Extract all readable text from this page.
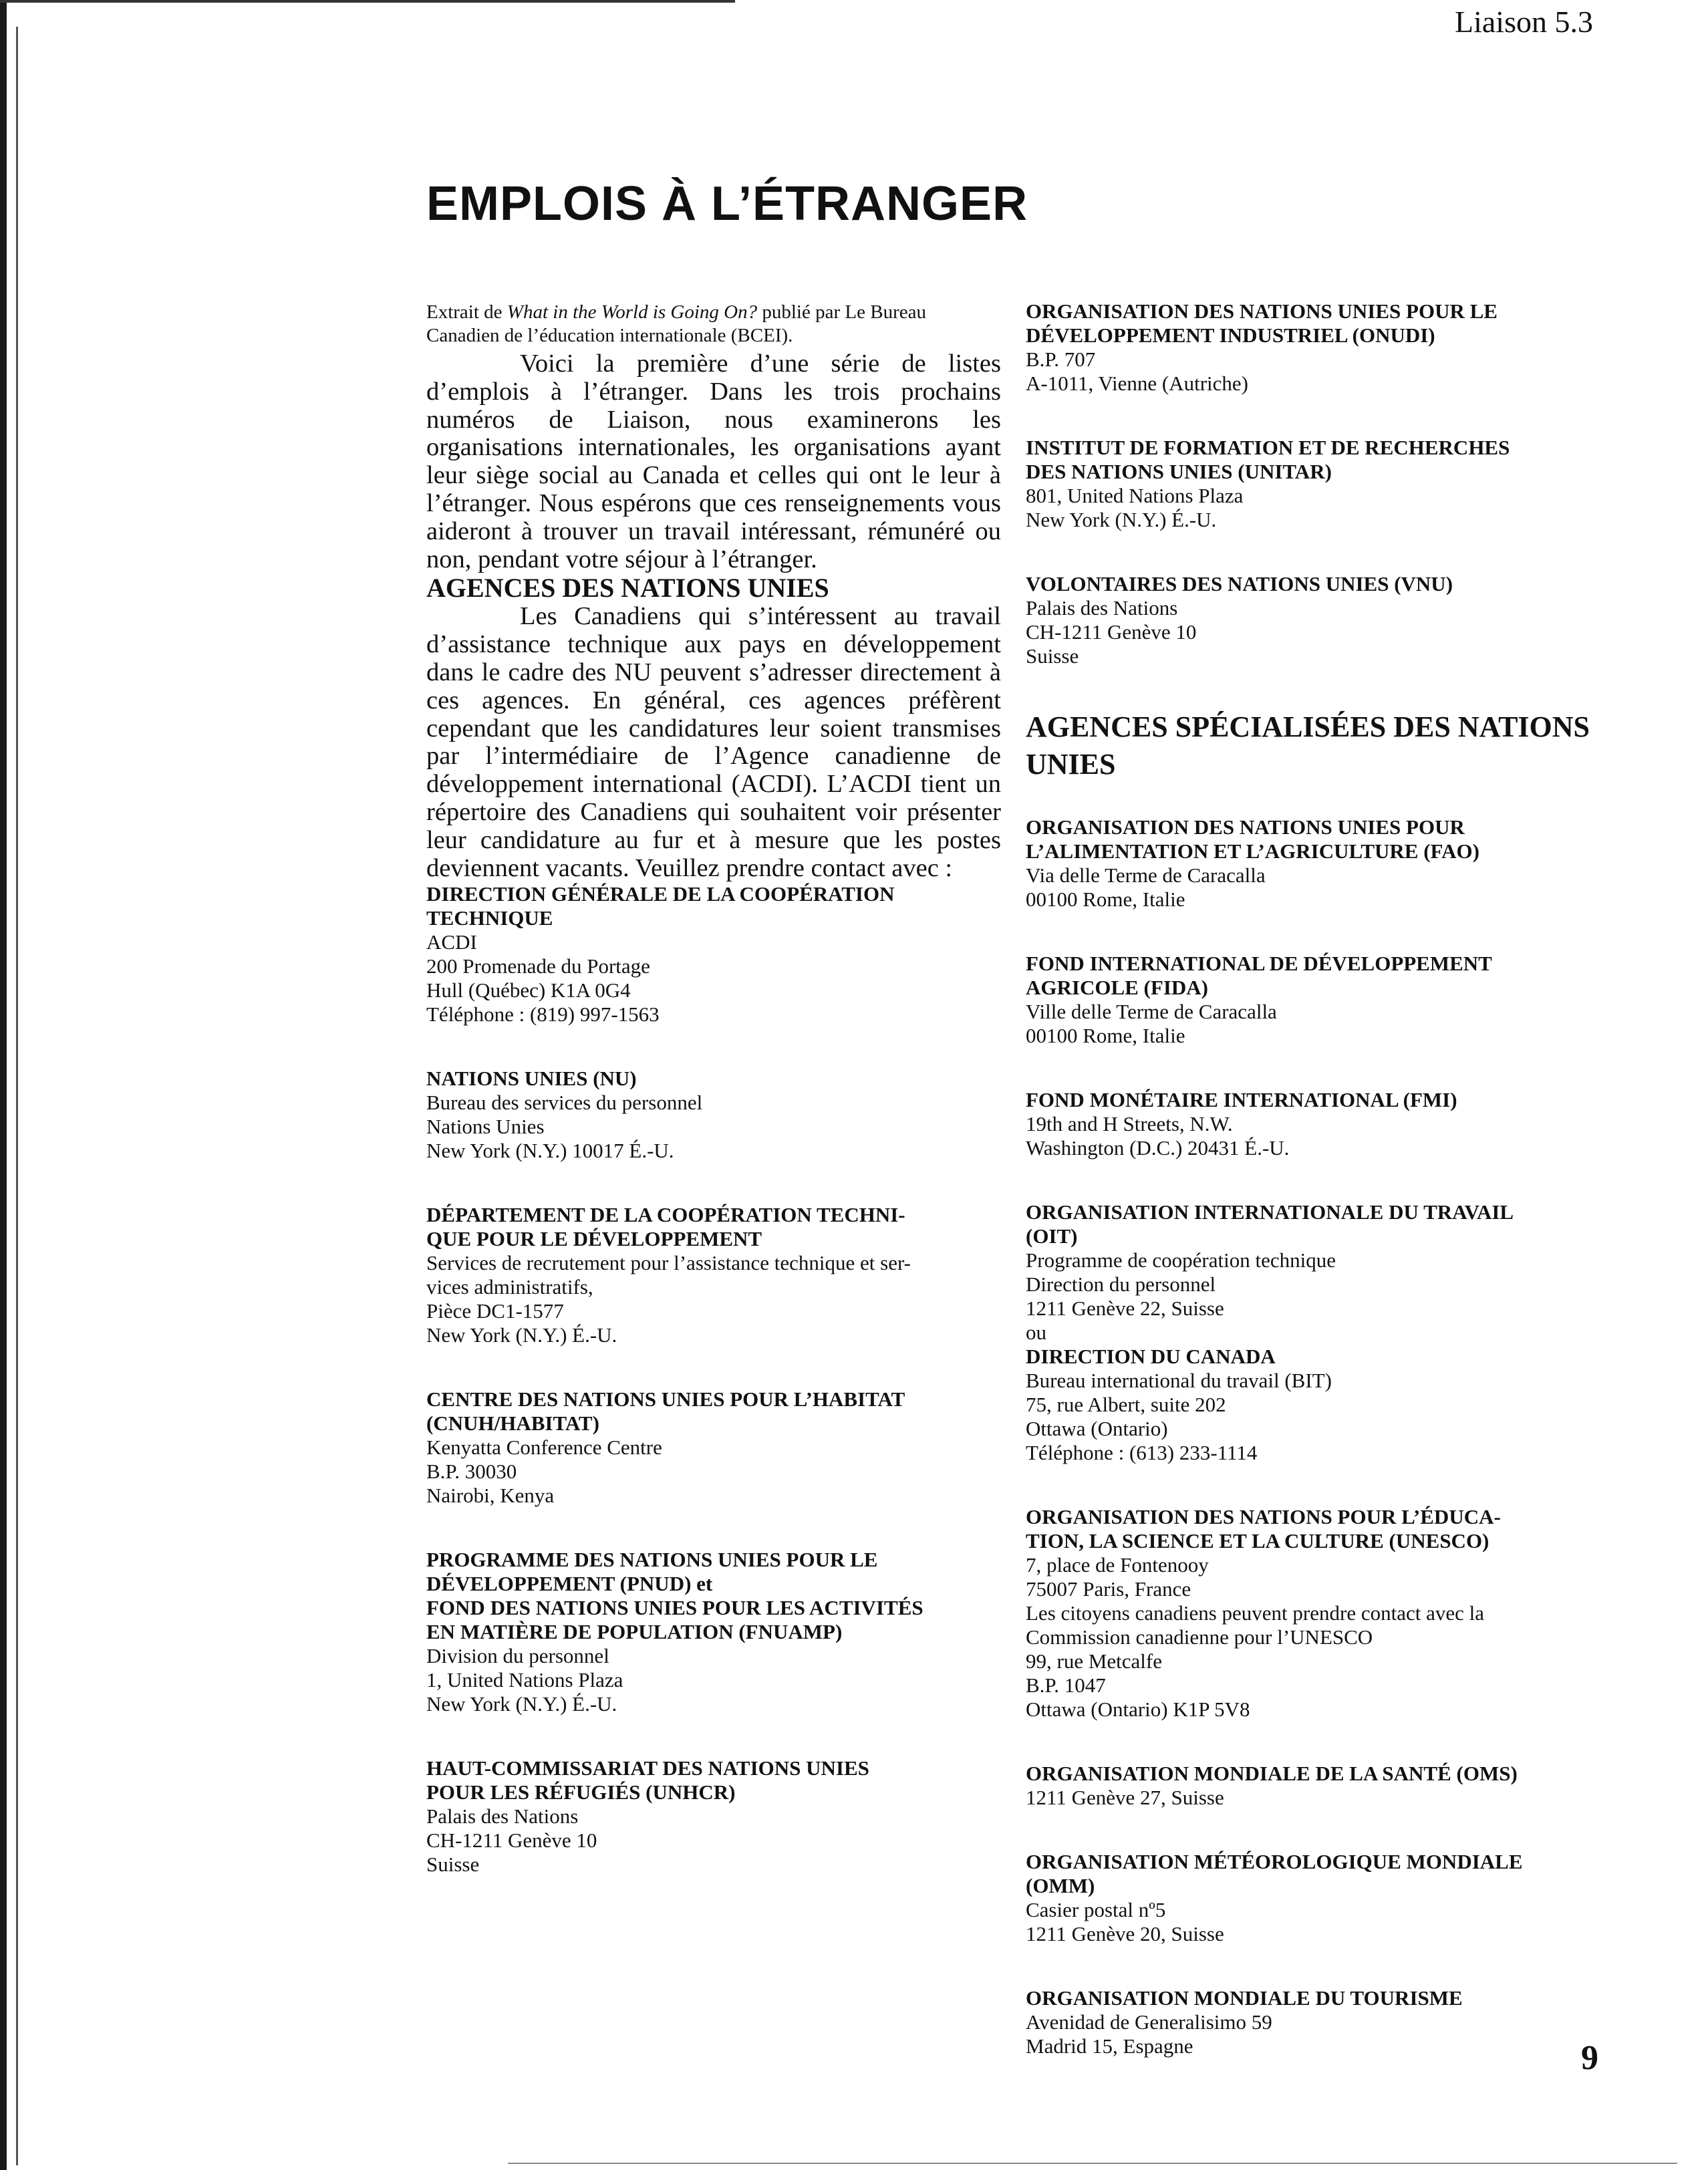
Liaison 5.3
EMPLOIS À L’ÉTRANGER
Extrait de What in the World is Going On? publié par Le Bureau Canadien de l’éducation internationale (BCEI).

Voici la première d’une série de listes d’emplois à l’étranger. Dans les trois prochains numéros de Liaison, nous examinerons les organisations internationales, les organisations ayant leur siège social au Canada et celles qui ont le leur à l’étranger. Nous espérons que ces renseignements vous aideront à trouver un travail intéressant, rémunéré ou non, pendant votre séjour à l’étranger.

AGENCES DES NATIONS UNIES

Les Canadiens qui s’intéressent au travail d’assistance technique aux pays en développement dans le cadre des NU peuvent s’adresser directement à ces agences. En général, ces agences préfèrent cependant que les candidatures leur soient transmises par l’intermédiaire de l’Agence canadienne de développement international (ACDI). L’ACDI tient un répertoire des Canadiens qui souhaitent voir présenter leur candidature au fur et à mesure que les postes deviennent vacants. Veuillez prendre contact avec :

DIRECTION GÉNÉRALE DE LA COOPÉRATION
TECHNIQUE
ACDI
200 Promenade du Portage
Hull (Québec) K1A 0G4
Téléphone : (819) 997-1563
NATIONS UNIES (NU)
Bureau des services du personnel
Nations Unies
New York (N.Y.) 10017 É.-U.
DÉPARTEMENT DE LA COOPÉRATION TECHNI-
QUE POUR LE DÉVELOPPEMENT
Services de recrutement pour l’assistance technique et ser-
vices administratifs,
Pièce DC1-1577
New York (N.Y.) É.-U.
CENTRE DES NATIONS UNIES POUR L’HABITAT
(CNUH/HABITAT)
Kenyatta Conference Centre
B.P. 30030
Nairobi, Kenya
PROGRAMME DES NATIONS UNIES POUR LE
DÉVELOPPEMENT (PNUD) et
FOND DES NATIONS UNIES POUR LES ACTIVITÉS
EN MATIÈRE DE POPULATION (FNUAMP)
Division du personnel
1, United Nations Plaza
New York (N.Y.) É.-U.
HAUT-COMMISSARIAT DES NATIONS UNIES
POUR LES RÉFUGIÉS (UNHCR)
Palais des Nations
CH-1211 Genève 10
Suisse
ORGANISATION DES NATIONS UNIES POUR LE
DÉVELOPPEMENT INDUSTRIEL (ONUDI)
B.P. 707
A-1011, Vienne (Autriche)
INSTITUT DE FORMATION ET DE RECHERCHES
DES NATIONS UNIES (UNITAR)
801, United Nations Plaza
New York (N.Y.) É.-U.
VOLONTAIRES DES NATIONS UNIES (VNU)
Palais des Nations
CH-1211 Genève 10
Suisse

AGENCES SPÉCIALISÉES DES NATIONS UNIES

ORGANISATION DES NATIONS UNIES POUR
L’ALIMENTATION ET L’AGRICULTURE (FAO)
Via delle Terme de Caracalla
00100 Rome, Italie
FOND INTERNATIONAL DE DÉVELOPPEMENT
AGRICOLE (FIDA)
Ville delle Terme de Caracalla
00100 Rome, Italie
FOND MONÉTAIRE INTERNATIONAL (FMI)
19th and H Streets, N.W.
Washington (D.C.) 20431 É.-U.
ORGANISATION INTERNATIONALE DU TRAVAIL
(OIT)
Programme de coopération technique
Direction du personnel
1211 Genève 22, Suisse
ou
DIRECTION DU CANADA
Bureau international du travail (BIT)
75, rue Albert, suite 202
Ottawa (Ontario)
Téléphone : (613) 233-1114
ORGANISATION DES NATIONS POUR L’ÉDUCA-
TION, LA SCIENCE ET LA CULTURE (UNESCO)
7, place de Fontenooy
75007 Paris, France
Les citoyens canadiens peuvent prendre contact avec la
Commission canadienne pour l’UNESCO
99, rue Metcalfe
B.P. 1047
Ottawa (Ontario) K1P 5V8
ORGANISATION MONDIALE DE LA SANTÉ (OMS)
1211 Genève 27, Suisse
ORGANISATION MÉTÉOROLOGIQUE MONDIALE
(OMM)
Casier postal nº5
1211 Genève 20, Suisse
ORGANISATION MONDIALE DU TOURISME
Avenidad de Generalisimo 59
Madrid 15, Espagne	9
